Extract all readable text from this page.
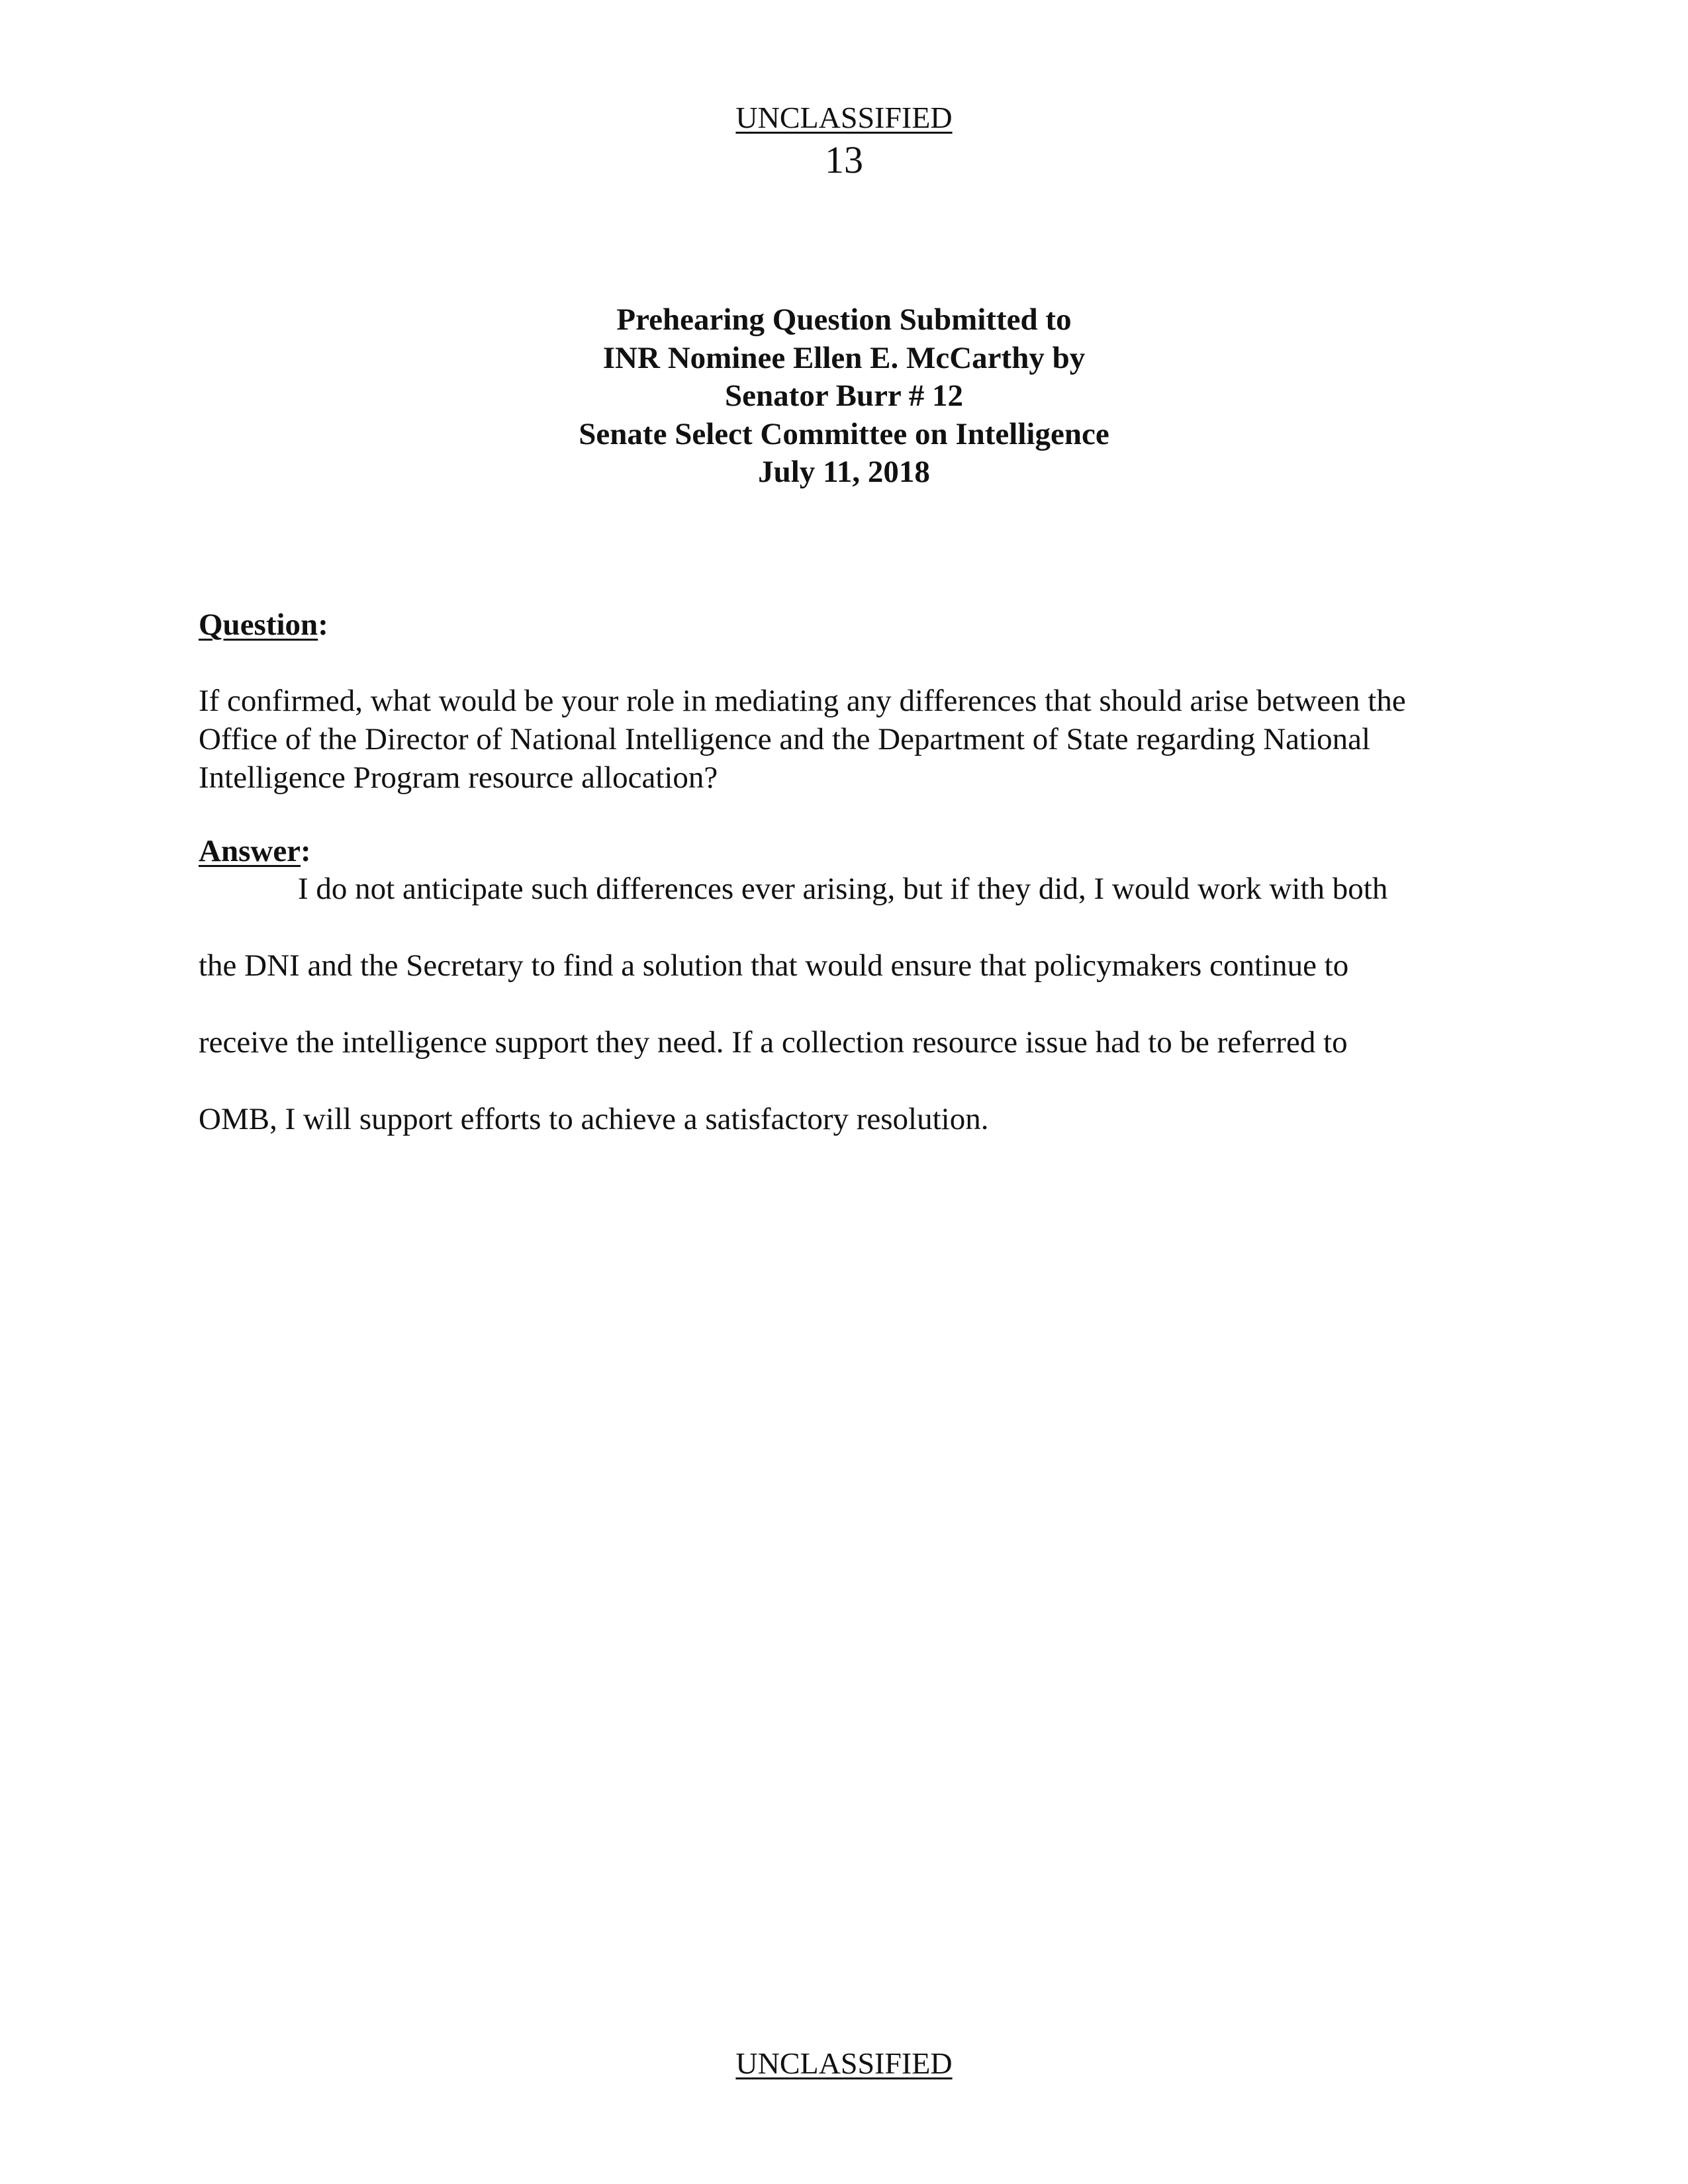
UNCLASSIFIED
13
Prehearing Question Submitted to
INR Nominee Ellen E. McCarthy by
Senator Burr # 12
Senate Select Committee on Intelligence
July 11, 2018
Question:
If confirmed, what would be your role in mediating any differences that should arise between the
Office of the Director of National Intelligence and the Department of State regarding National
Intelligence Program resource allocation?
Answer:
I do not anticipate such differences ever arising, but if they did, I would work with both
the DNI and the Secretary to find a solution that would ensure that policymakers continue to
receive the intelligence support they need. If a collection resource issue had to be referred to
OMB, I will support efforts to achieve a satisfactory resolution.
UNCLASSIFIED
